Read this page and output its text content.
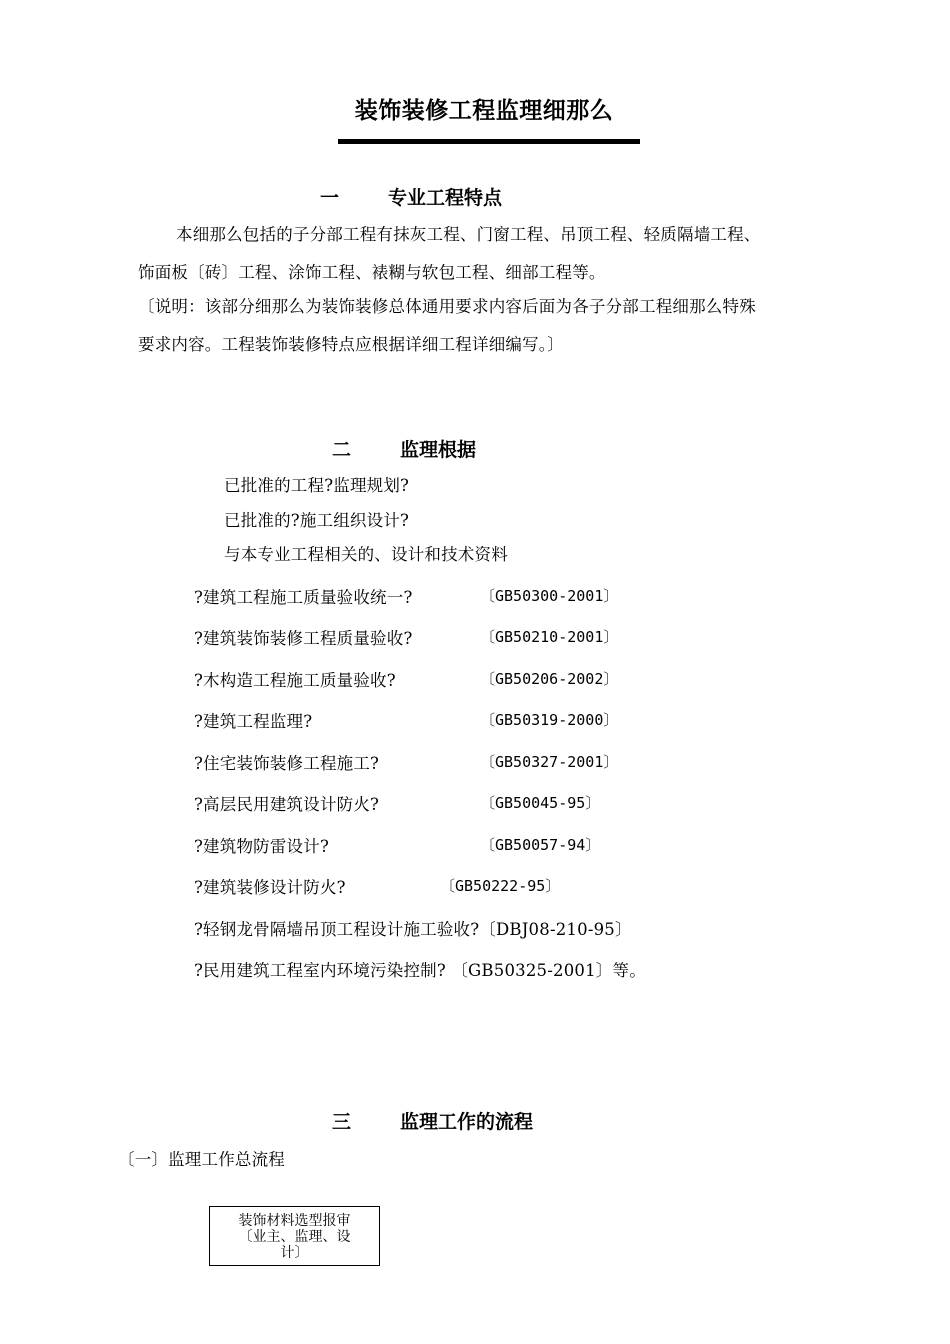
装饰装修工程监理细那么
一	专业工程特点
本细那么包括的子分部工程有抹灰工程、门窗工程、吊顶工程、轻质隔墙工程、
饰面板〔砖〕工程、涂饰工程、裱糊与软包工程、细部工程等。
〔说明：该部分细那么为装饰装修总体通用要求内容后面为各子分部工程细那么特殊
要求内容。工程装饰装修特点应根据详细工程详细编写。〕
二	监理根据
已批准的工程?监理规划?
已批准的?施工组织设计?
与本专业工程相关的、设计和技术资料
?建筑工程施工质量验收统一?	〔GB50300-2001〕
?建筑装饰装修工程质量验收?	〔GB50210-2001〕
?木构造工程施工质量验收?	〔GB50206-2002〕
?建筑工程监理?	〔GB50319-2000〕
?住宅装饰装修工程施工?	〔GB50327-2001〕
?高层民用建筑设计防火?	〔GB50045-95〕
?建筑物防雷设计?	〔GB50057-94〕
?建筑装修设计防火?	〔GB50222-95〕
?轻钢龙骨隔墙吊顶工程设计施工验收?〔DBJ08-210-95〕
?民用建筑工程室内环境污染控制? 〔GB50325-2001〕等。
三	监理工作的流程
〔一〕监理工作总流程
装饰材料选型报审
〔业主、监理、设
计〕
